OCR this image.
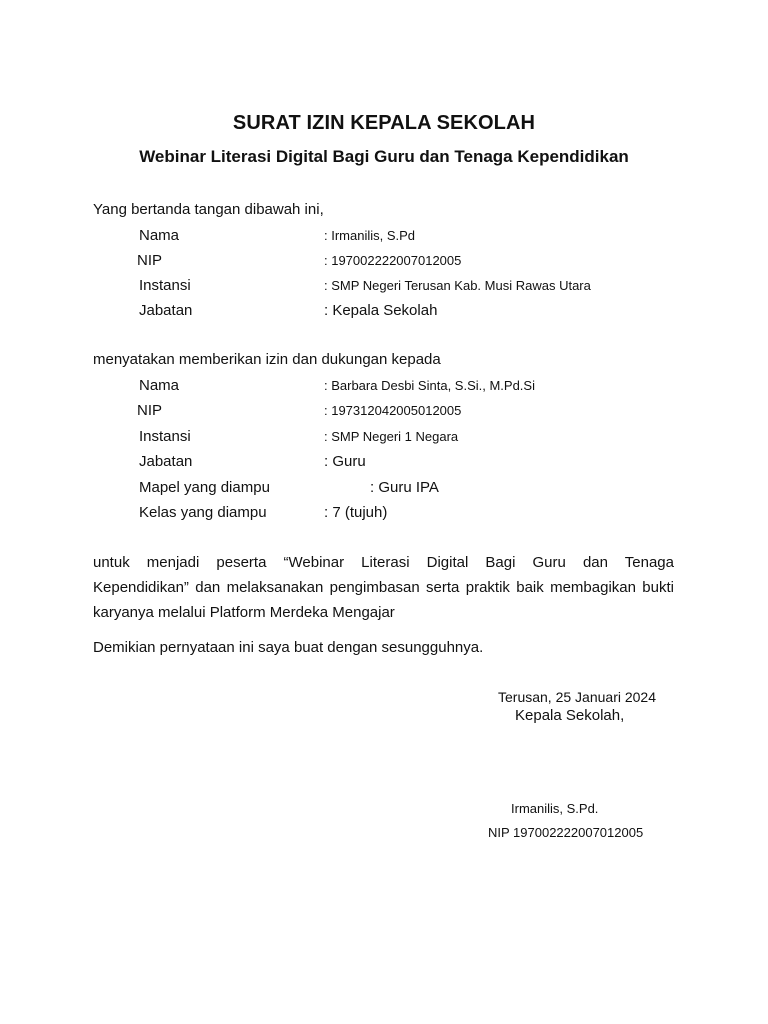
SURAT IZIN KEPALA SEKOLAH
Webinar Literasi Digital Bagi Guru dan Tenaga Kependidikan
Yang bertanda tangan dibawah ini,
Nama	: Irmanilis, S.Pd
NIP	: 197002222007012005
Instansi	: SMP Negeri Terusan Kab. Musi Rawas Utara
Jabatan	: Kepala Sekolah
menyatakan memberikan izin dan dukungan kepada
Nama	: Barbara Desbi Sinta, S.Si., M.Pd.Si
NIP	: 197312042005012005
Instansi	: SMP Negeri 1 Negara
Jabatan	: Guru
Mapel yang diampu	: Guru IPA
Kelas yang diampu	: 7 (tujuh)
untuk menjadi peserta “Webinar Literasi Digital Bagi Guru dan Tenaga
Kependidikan” dan melaksanakan pengimbasan serta praktik baik membagikan bukti
karyanya melalui Platform Merdeka Mengajar
Demikian pernyataan ini saya buat dengan sesungguhnya.
Terusan, 25 Januari 2024
Kepala Sekolah,
Irmanilis, S.Pd.
NIP 197002222007012005
